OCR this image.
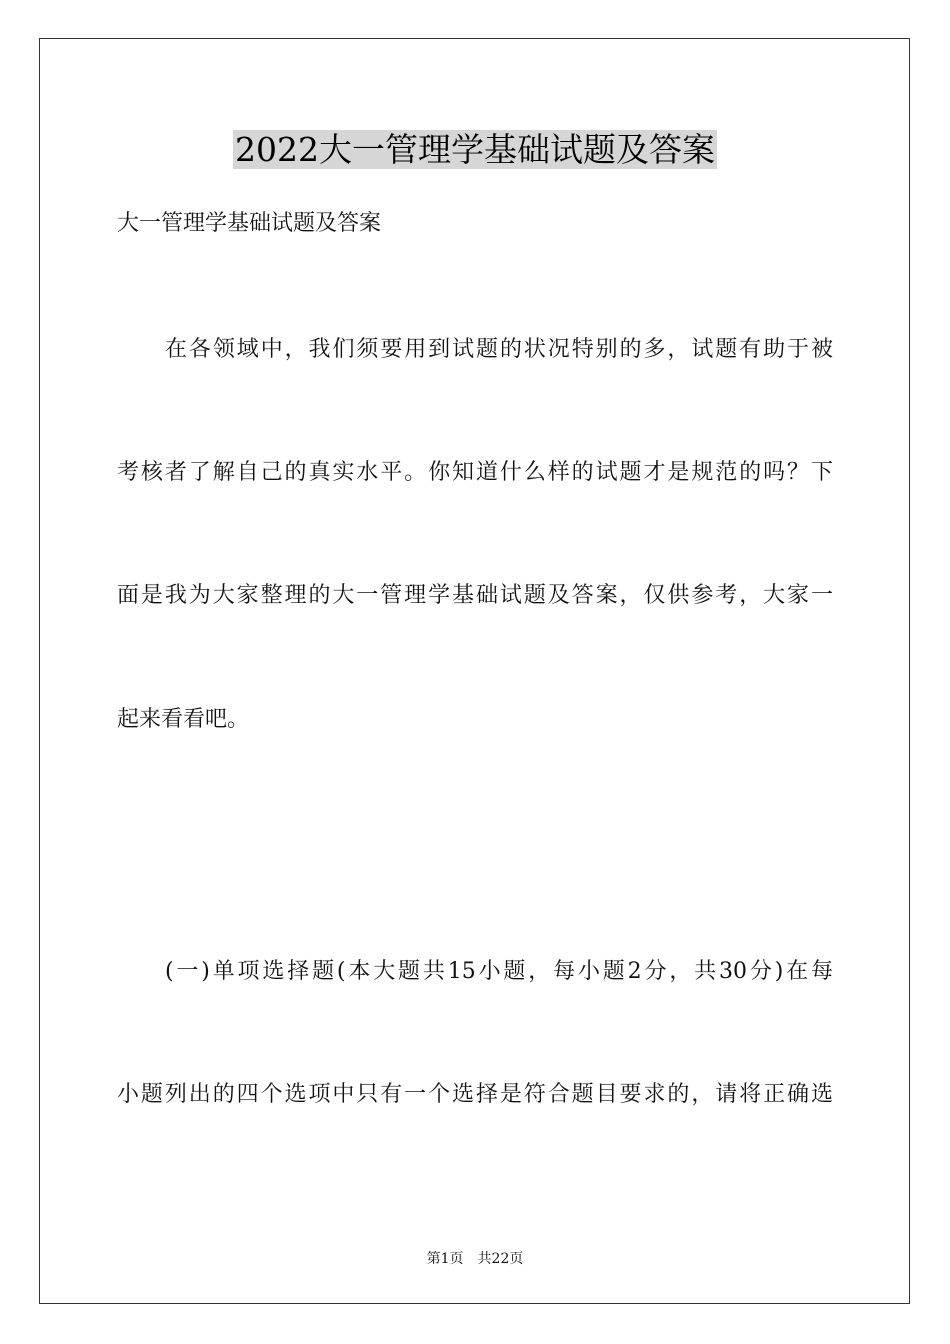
2022大一管理学基础试题及答案
大一管理学基础试题及答案
在各领域中，我们须要用到试题的状况特别的多，试题有助于被
考核者了解自己的真实水平。你知道什么样的试题才是规范的吗？下
面是我为大家整理的大一管理学基础试题及答案，仅供参考，大家一
起来看看吧。
(一)单项选择题(本大题共15小题，每小题2分，共30分)在每
小题列出的四个选项中只有一个选择是符合题目要求的，请将正确选
第1页 共22页
